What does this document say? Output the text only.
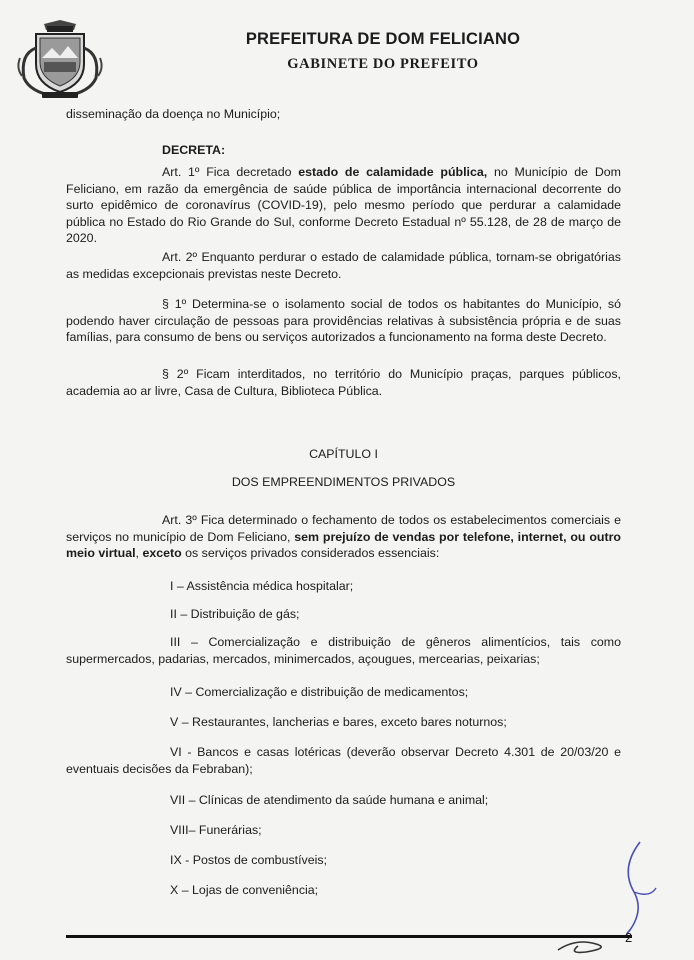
PREFEITURA DE DOM FELICIANO
GABINETE DO PREFEITO
disseminação da doença no Município;
DECRETA:
Art. 1º Fica decretado estado de calamidade pública, no Município de Dom Feliciano, em razão da emergência de saúde pública de importância internacional decorrente do surto epidêmico de coronavírus (COVID-19), pelo mesmo período que perdurar a calamidade pública no Estado do Rio Grande do Sul, conforme Decreto Estadual nº 55.128, de 28 de março de 2020.
Art. 2º Enquanto perdurar o estado de calamidade pública, tornam-se obrigatórias as medidas excepcionais previstas neste Decreto.
§ 1º Determina-se o isolamento social de todos os habitantes do Município, só podendo haver circulação de pessoas para providências relativas à subsistência própria e de suas famílias, para consumo de bens ou serviços autorizados a funcionamento na forma deste Decreto.
§ 2º Ficam interditados, no território do Município praças, parques públicos, academia ao ar livre, Casa de Cultura, Biblioteca Pública.
CAPÍTULO I
DOS EMPREENDIMENTOS PRIVADOS
Art. 3º Fica determinado o fechamento de todos os estabelecimentos comerciais e serviços no município de Dom Feliciano, sem prejuízo de vendas por telefone, internet, ou outro meio virtual, exceto os serviços privados considerados essenciais:
I – Assistência médica hospitalar;
II – Distribuição de gás;
III – Comercialização e distribuição de gêneros alimentícios, tais como supermercados, padarias, mercados, minimercados, açougues, mercearias, peixarias;
IV – Comercialização e distribuição de medicamentos;
V – Restaurantes, lancherias e bares, exceto bares noturnos;
VI - Bancos e casas lotéricas (deverão observar Decreto 4.301 de 20/03/20 e eventuais decisões da Febraban);
VII – Clínicas de atendimento da saúde humana e animal;
VIII– Funerárias;
IX - Postos de combustíveis;
X – Lojas de conveniência;
2
